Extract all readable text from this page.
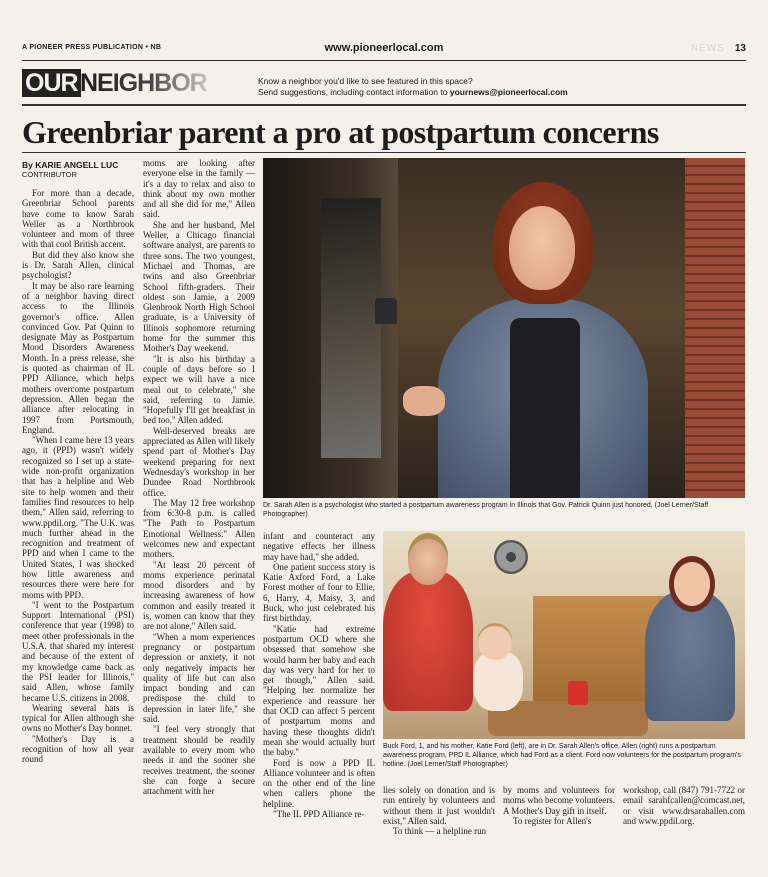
A PIONEER PRESS PUBLICATION • NB	www.pioneerlocal.com	NEWS 13
OUR NEIGHBOR	Know a neighbor you'd like to see featured in this space?
Send suggestions, including contact information to yournews@pioneerlocal.com
Greenbriar parent a pro at postpartum concerns
By KARIE ANGELL LUC
CONTRIBUTOR

For more than a decade, Greenbriar School parents have come to know Sarah Weller as a Northbrook volunteer and mom of three with that cool British accent.

But did they also know she is Dr. Sarah Allen, clinical psychologist?

It may be also rare learning of a neighbor having direct access to the Illinois governor's office. Allen convinced Gov. Pat Quinn to designate May as Postpartum Mood Disorders Awareness Month. In a press release, she is quoted as chairman of IL PPD Alliance, which helps mothers overcome postpartum depression. Allen began the alliance after relocating in 1997 from Portsmouth, England.

"When I came here 13 years ago, it (PPD) wasn't widely recognized so I set up a state-wide non-profit organization that has a helpline and Web site to help women and their families find resources to help them," Allen said, referring to www.ppdil.org. "The U.K. was much further ahead in the recognition and treatment of PPD and when I came to the United States, I was shocked how little awareness and resources there were here for moms with PPD.

"I went to the Postpartum Support International (PSI) conference that year (1998) to meet other professionals in the U.S.A. that shared my interest and because of the extent of my knowledge came back as the PSI leader for Illinois," said Allen, whose family became U.S. citizens in 2008.

Wearing several hats is typical for Allen although she owns no Mother's Day bonnet.

"Mother's Day is a recognition of how all year round

moms are looking after everyone else in the family — it's a day to relax and also to think about my own mother and all she did for me," Allen said.

She and her husband, Mel Weller, a Chicago financial software analyst, are parents to three sons. The two youngest, Michael and Thomas, are twins and also Greenbriar School fifth-graders. Their oldest son Jamie, a 2009 Glenbrook North High School graduate, is a University of Illinois sophomore returning home for the summer this Mother's Day weekend.

"It is also his birthday a couple of days before so I expect we will have a nice meal out to celebrate," she said, referring to Jamie. "Hopefully I'll get breakfast in bed too," Allen added.

Well-deserved breaks are appreciated as Allen will likely spend part of Mother's Day weekend preparing for next Wednesday's workshop in her Dundee Road Northbrook office.

The May 12 free workshop from 6:30-8 p.m. is called "The Path to Postpartum Emotional Wellness." Allen welcomes new and expectant mothers.

"At least 20 percent of moms experience perinatal mood disorders and by increasing awareness of how common and easily treated it is, women can know that they are not alone," Allen said.

"When a mom experiences pregnancy or postpartum depression or anxiety, it not only negatively impacts her quality of life but can also impact bonding and can predispose the child to depression in later life," she said.

"I feel very strongly that treatment should be readily available to every mom who needs it and the sooner she receives treatment, the sooner she can forge a secure attachment with her

Dr. Sarah Allen is a psychologist who started a postpartum awareness program in Illinois that Gov. Patrick Quinn just honored. (Joel Lerner/Staff Photographer)

infant and counteract any negative effects her illness may have had," she added.

One patient success story is Katie Axford Ford, a Lake Forest mother of four to Ellie, 6, Harry, 4, Maisy, 3, and Buck, who just celebrated his first birthday.

"Katie had extreme postpartum OCD where she obsessed that somehow she would harm her baby and each day was very hard for her to get though," Allen said. "Helping her normalize her experience and reassure her that OCD can affect 5 percent of postpartum moms and having these thoughts didn't mean she would actually hurt the baby."

Ford is now a PPD IL Alliance volunteer and is often on the other end of the line when callers phone the helpline.

"The IL PPD Alliance re-

Buck Ford, 1, and his mother, Katie Ford (left), are in Dr. Sarah Allen's office. Allen (right) runs a postpartum awareness program, PPD IL Alliance, which had Ford as a client. Ford now volunteers for the postpartum program's hotline. (Joel Lerner/Staff Photographer)

lies solely on donation and is run entirely by volunteers and without them it just wouldn't exist," Allen said.

To think — a helpline run

by moms and volunteers for moms who become volunteers. A Mother's Day gift in itself.

To register for Allen's

workshop, call (847) 791-7722 or email sarahfcallen@comcast.net, or visit www.drsarahallen.com and www.ppdil.org.
